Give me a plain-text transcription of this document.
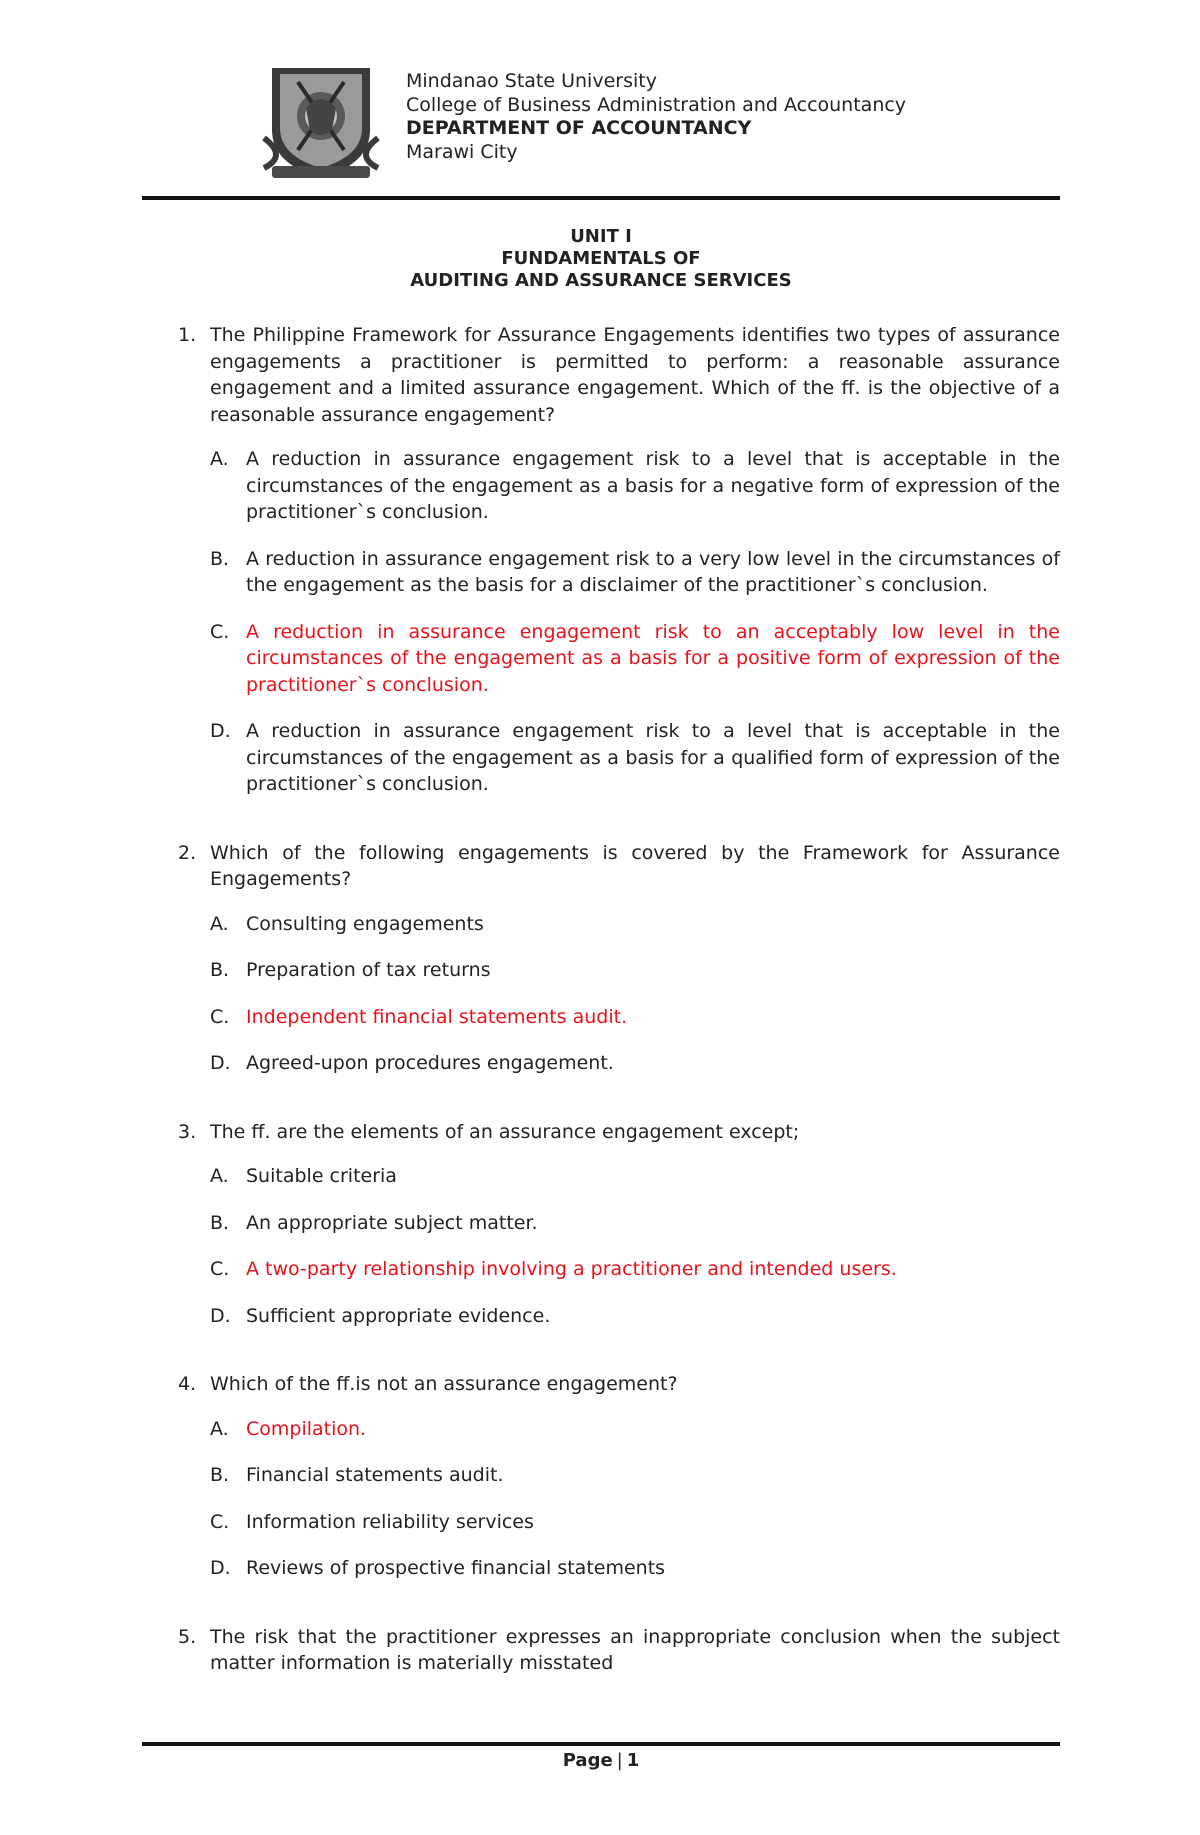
Mindanao State University
College of Business Administration and Accountancy
DEPARTMENT OF ACCOUNTANCY
Marawi City
UNIT I
FUNDAMENTALS OF
AUDITING AND ASSURANCE SERVICES
1. The Philippine Framework for Assurance Engagements identifies two types of assurance engagements a practitioner is permitted to perform: a reasonable assurance engagement and a limited assurance engagement. Which of the ff. is the objective of a reasonable assurance engagement?
A. A reduction in assurance engagement risk to a level that is acceptable in the circumstances of the engagement as a basis for a negative form of expression of the practitioner`s conclusion.
B. A reduction in assurance engagement risk to a very low level in the circumstances of the engagement as the basis for a disclaimer of the practitioner`s conclusion.
C. A reduction in assurance engagement risk to an acceptably low level in the circumstances of the engagement as a basis for a positive form of expression of the practitioner`s conclusion.
D. A reduction in assurance engagement risk to a level that is acceptable in the circumstances of the engagement as a basis for a qualified form of expression of the practitioner`s conclusion.
2. Which of the following engagements is covered by the Framework for Assurance Engagements?
A. Consulting engagements
B. Preparation of tax returns
C. Independent financial statements audit.
D. Agreed-upon procedures engagement.
3. The ff. are the elements of an assurance engagement except;
A. Suitable criteria
B. An appropriate subject matter.
C. A two-party relationship involving a practitioner and intended users.
D. Sufficient appropriate evidence.
4. Which of the ff.is not an assurance engagement?
A. Compilation.
B. Financial statements audit.
C. Information reliability services
D. Reviews of prospective financial statements
5. The risk that the practitioner expresses an inappropriate conclusion when the subject matter information is materially misstated
Page | 1
